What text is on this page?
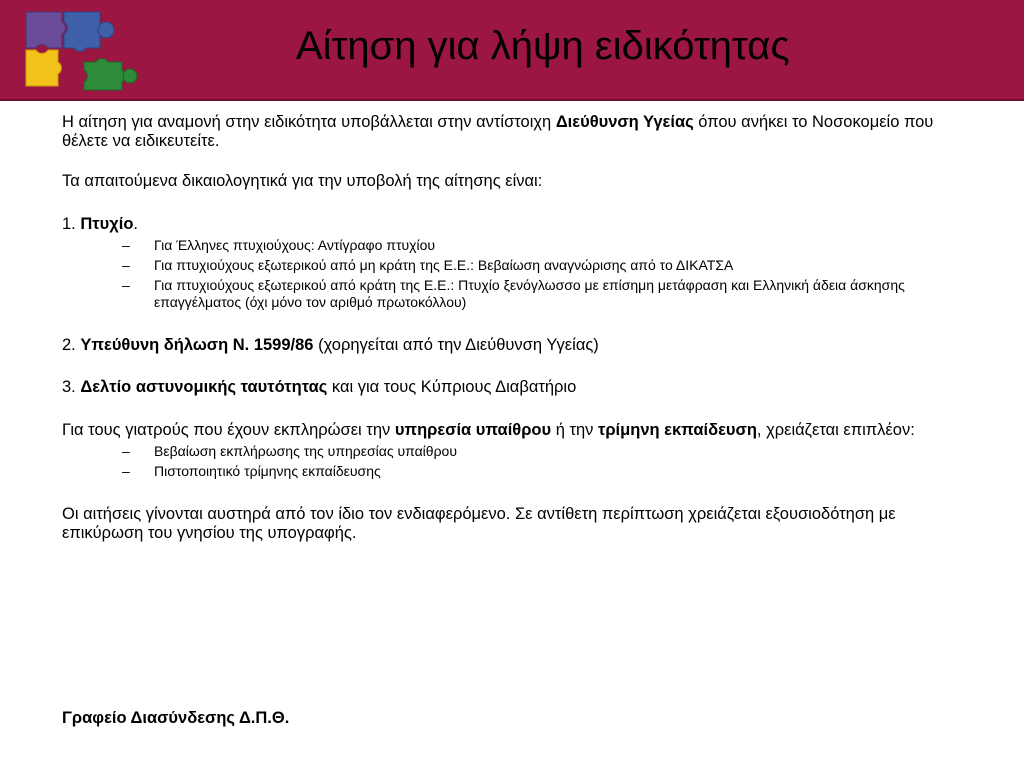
Αίτηση για λήψη ειδικότητας

Η αίτηση για αναμονή στην ειδικότητα υποβάλλεται στην αντίστοιχη Διεύθυνση Υγείας όπου ανήκει το Νοσοκομείο που θέλετε να ειδικευτείτε.

Τα απαιτούμενα δικαιολογητικά για την υποβολή της αίτησης είναι:

1. Πτυχίο.

– Για Έλληνες πτυχιούχους: Αντίγραφο πτυχίου

– Για πτυχιούχους εξωτερικού από μη κράτη της Ε.Ε.: Βεβαίωση αναγνώρισης από το ΔΙΚΑΤΣΑ

– Για πτυχιούχους εξωτερικού από κράτη της Ε.Ε.: Πτυχίο ξενόγλωσσο με επίσημη μετάφραση και Ελληνική άδεια άσκησης επαγγέλματος (όχι μόνο τον αριθμό πρωτοκόλλου)

2. Υπεύθυνη δήλωση Ν. 1599/86 (χορηγείται από την Διεύθυνση Υγείας)

3. Δελτίο αστυνομικής ταυτότητας και για τους Κύπριους Διαβατήριο

Για τους γιατρούς που έχουν εκπληρώσει την υπηρεσία υπαίθρου ή την τρίμηνη εκπαίδευση, χρειάζεται επιπλέον:

– Βεβαίωση εκπλήρωσης της υπηρεσίας υπαίθρου

– Πιστοποιητικό τρίμηνης εκπαίδευσης

Οι αιτήσεις γίνονται αυστηρά από τον ίδιο τον ενδιαφερόμενο. Σε αντίθετη περίπτωση χρειάζεται εξουσιοδότηση με επικύρωση του γνησίου της υπογραφής.

Γραφείο Διασύνδεσης Δ.Π.Θ.
